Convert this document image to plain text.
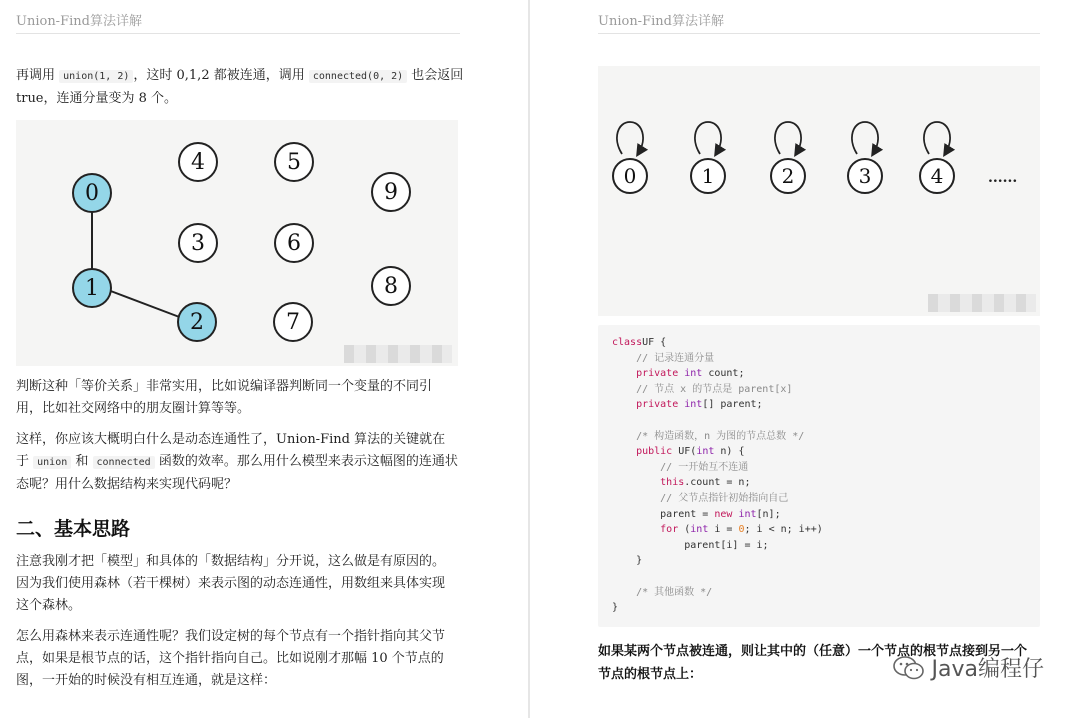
Union-Find算法详解
再调用 union(1, 2) ，这时 0,1,2 都被连通，调用 connected(0, 2) 也会返回
true，连通分量变为 8 个。
0
1
2
3
4	5
6
7
8
9
判断这种「等价关系」非常实用，比如说编译器判断同一个变量的不同引
用，比如社交网络中的朋友圈计算等等。
这样，你应该大概明白什么是动态连通性了，Union-Find 算法的关键就在
于 union 和 connected 函数的效率。那么用什么模型来表示这幅图的连通状
态呢？用什么数据结构来实现代码呢？
二、基本思路
注意我刚才把「模型」和具体的「数据结构」分开说，这么做是有原因的。
因为我们使用森林（若干棵树）来表示图的动态连通性，用数组来具体实现
这个森林。
怎么用森林来表示连通性呢？我们设定树的每个节点有一个指针指向其父节
点，如果是根节点的话，这个指针指向自己。比如说刚才那幅 10 个节点的
图，一开始的时候没有相互连通，就是这样：
Union-Find算法详解
0	1	2	3	4	......
classUF {
// 记录连通分量
private int count;
// 节点 x 的节点是 parent[x]
private int[] parent;
/* 构造函数，n 为图的节点总数 */
public UF(int n) {
// 一开始互不连通
this.count = n;
// 父节点指针初始指向自己
parent = new int[n];
for (int i = 0; i < n; i++)
parent[i] = i;
}
/* 其他函数 */
}
如果某两个节点被连通，则让其中的（任意）一个节点的根节点接到另一个
节点的根节点上：	Java编程仔
